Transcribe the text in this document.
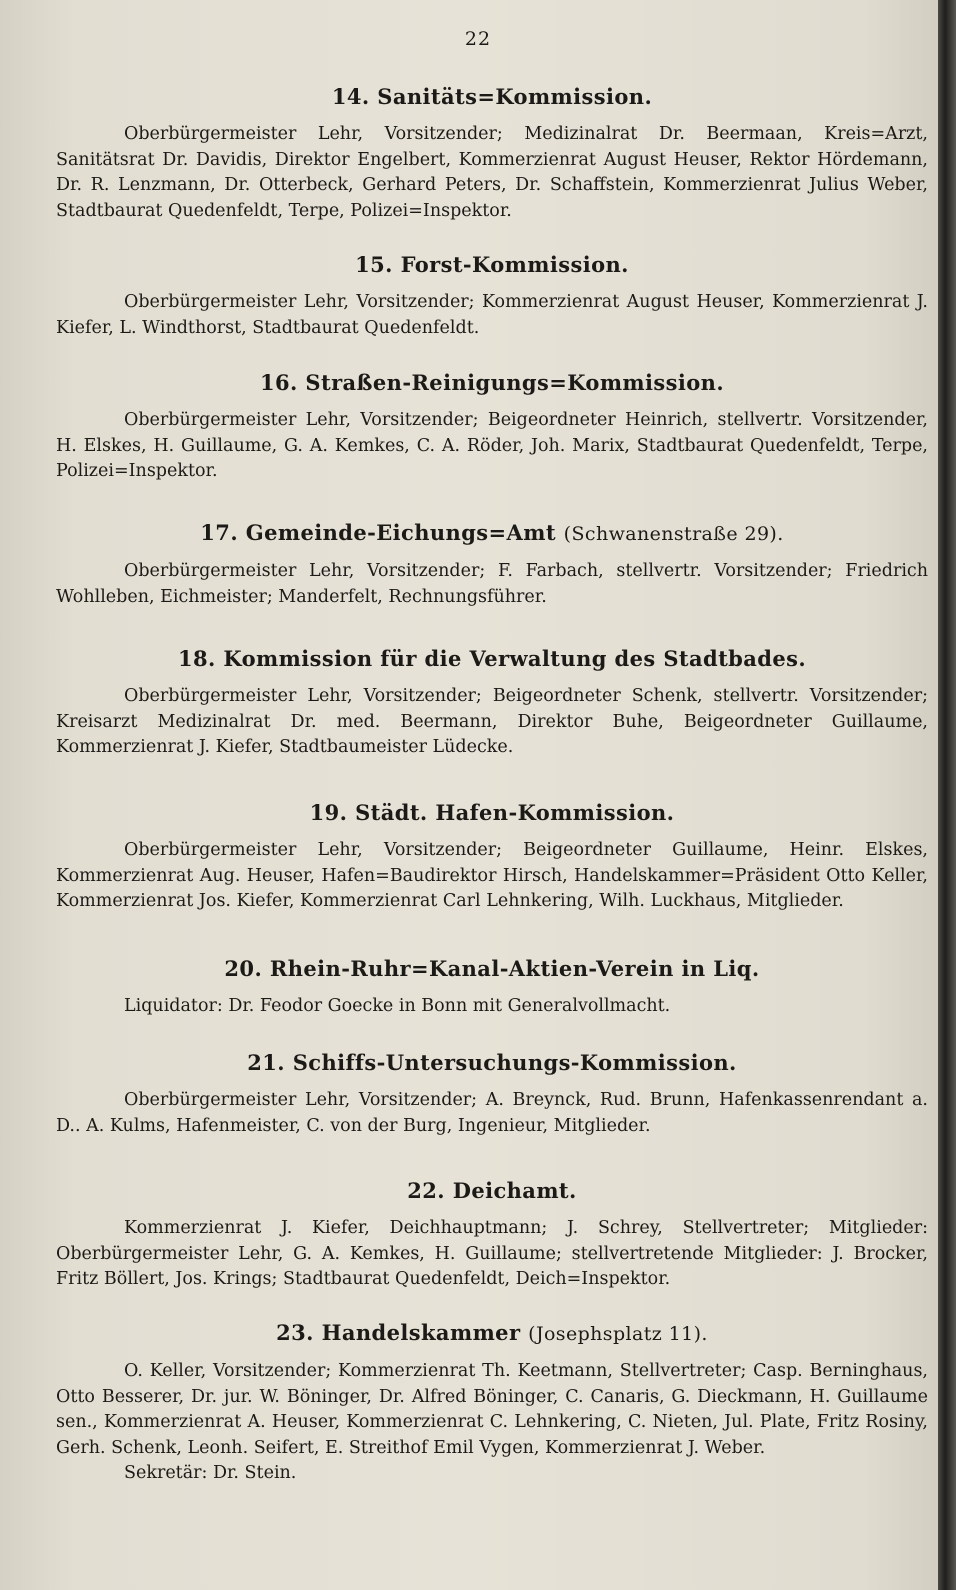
22
14. Sanitäts=Kommission.

Oberbürgermeister Lehr, Vorsitzender; Medizinalrat Dr. Beermaan, Kreis=Arzt, Sanitätsrat Dr. Davidis, Direktor Engelbert, Kommerzienrat August Heuser, Rektor Hördemann, Dr. R. Lenzmann, Dr. Otterbeck, Gerhard Peters, Dr. Schaffstein, Kommerzienrat Julius Weber, Stadtbaurat Quedenfeldt, Terpe, Polizei=Inspektor.

15. Forst-Kommission.

Oberbürgermeister Lehr, Vorsitzender; Kommerzienrat August Heuser, Kommerzienrat J. Kiefer, L. Windthorst, Stadtbaurat Quedenfeldt.

16. Straßen-Reinigungs=Kommission.

Oberbürgermeister Lehr, Vorsitzender; Beigeordneter Heinrich, stellvertr. Vorsitzender, H. Elskes, H. Guillaume, G. A. Kemkes, C. A. Röder, Joh. Marix, Stadtbaurat Quedenfeldt, Terpe, Polizei=Inspektor.

17. Gemeinde-Eichungs=Amt (Schwanenstraße 29).

Oberbürgermeister Lehr, Vorsitzender; F. Farbach, stellvertr. Vorsitzender; Friedrich Wohlleben, Eichmeister; Manderfelt, Rechnungsführer.

18. Kommission für die Verwaltung des Stadtbades.

Oberbürgermeister Lehr, Vorsitzender; Beigeordneter Schenk, stellvertr. Vorsitzender; Kreisarzt Medizinalrat Dr. med. Beermann, Direktor Buhe, Beigeordneter Guillaume, Kommerzienrat J. Kiefer, Stadtbaumeister Lüdecke.

19. Städt. Hafen-Kommission.

Oberbürgermeister Lehr, Vorsitzender; Beigeordneter Guillaume, Heinr. Elskes, Kommerzienrat Aug. Heuser, Hafen=Baudirektor Hirsch, Handelskammer=Präsident Otto Keller, Kommerzienrat Jos. Kiefer, Kommerzienrat Carl Lehnkering, Wilh. Luckhaus, Mitglieder.

20. Rhein-Ruhr=Kanal-Aktien-Verein in Liq.

Liquidator: Dr. Feodor Goecke in Bonn mit Generalvollmacht.

21. Schiffs-Untersuchungs-Kommission.

Oberbürgermeister Lehr, Vorsitzender; A. Breynck, Rud. Brunn, Hafenkassenrendant a. D.. A. Kulms, Hafenmeister, C. von der Burg, Ingenieur, Mitglieder.

22. Deichamt.

Kommerzienrat J. Kiefer, Deichhauptmann; J. Schrey, Stellvertreter; Mitglieder: Oberbürgermeister Lehr, G. A. Kemkes, H. Guillaume; stellvertretende Mitglieder: J. Brocker, Fritz Böllert, Jos. Krings; Stadtbaurat Quedenfeldt, Deich=Inspektor.

23. Handelskammer (Josephsplatz 11).

O. Keller, Vorsitzender; Kommerzienrat Th. Keetmann, Stellvertreter; Casp. Berninghaus, Otto Besserer, Dr. jur. W. Böninger, Dr. Alfred Böninger, C. Canaris, G. Dieckmann, H. Guillaume sen., Kommerzienrat A. Heuser, Kommerzienrat C. Lehnkering, C. Nieten, Jul. Plate, Fritz Rosiny, Gerh. Schenk, Leonh. Seifert, E. Streithof Emil Vygen, Kommerzienrat J. Weber.

Sekretär: Dr. Stein.
